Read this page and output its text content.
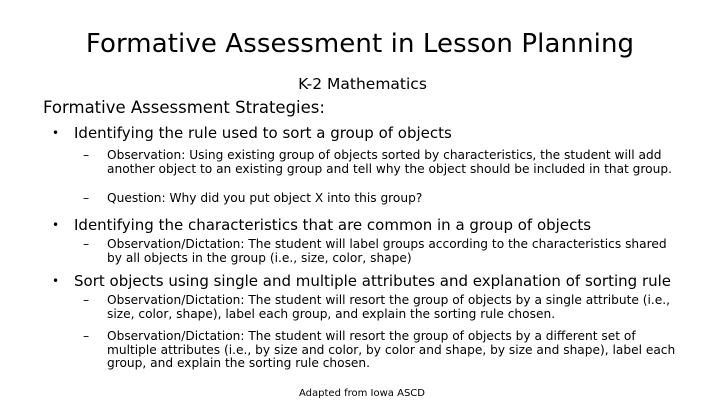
Formative Assessment in Lesson Planning
K-2 Mathematics
Formative Assessment Strategies:
• Identifying the rule used to sort a group of objects
– Observation: Using existing group of objects sorted by characteristics, the student will add another object to an existing group and tell why the object should be included in that group.
– Question: Why did you put object X into this group?
• Identifying the characteristics that are common in a group of objects
– Observation/Dictation: The student will label groups according to the characteristics shared by all objects in the group (i.e., size, color, shape)
• Sort objects using single and multiple attributes and explanation of sorting rule
– Observation/Dictation: The student will resort the group of objects by a single attribute (i.e., size, color, shape), label each group, and explain the sorting rule chosen.
– Observation/Dictation: The student will resort the group of objects by a different set of multiple attributes (i.e., by size and color, by color and shape, by size and shape), label each group, and explain the sorting rule chosen.
Adapted from Iowa ASCD
